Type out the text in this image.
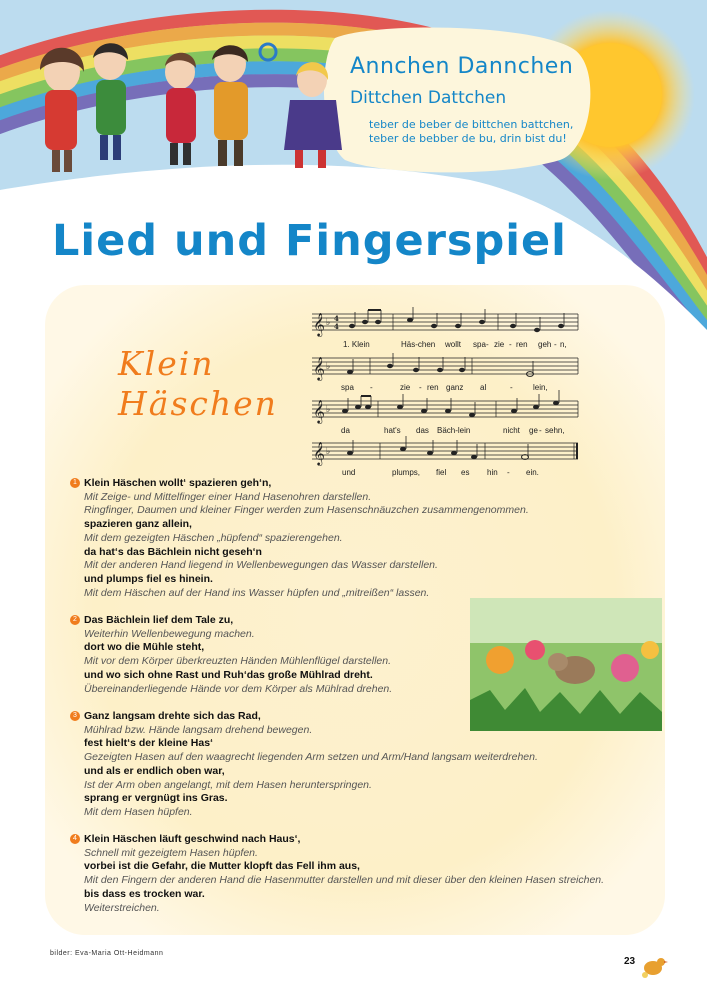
𝄞
𝄞
𝄞
𝄞
♭
♭
♭
♭
4
4
Annchen Dannchen
Dittchen Dattchen
teber de beber de bittchen battchen,
teber de bebber de bu, drin bist du!
Lied und Fingerspiel
Klein
Häschen
1. Klein	Häs-chen wollt spa - zie - ren geh - n,
spa -	zie - ren ganz al	-	lein,
da	hat's das Bäch-lein	nicht ge - sehn,
und	plumps, fiel es hin - ein.
1 Klein Häschen wollt‘ spazieren geh‘n,
Mit Zeige- und Mittelfinger einer Hand Hasenohren darstellen.
Ringfinger, Daumen und kleiner Finger werden zum Hasenschnäuzchen zusammengenommen.
spazieren ganz allein,
Mit dem gezeigten Häschen „hüpfend“ spazierengehen.
da hat‘s das Bächlein nicht geseh‘n
Mit der anderen Hand liegend in Wellenbewegungen das Wasser darstellen.
und plumps fiel es hinein.
Mit dem Häschen auf der Hand ins Wasser hüpfen und „mitreißen“ lassen.
2 Das Bächlein lief dem Tale zu,
Weiterhin Wellenbewegung machen.
dort wo die Mühle steht,
Mit vor dem Körper überkreuzten Händen Mühlenflügel darstellen.
und wo sich ohne Rast und Ruh‘das große Mühlrad dreht.
Übereinanderliegende Hände vor dem Körper als Mühlrad drehen.
3 Ganz langsam drehte sich das Rad,
Mühlrad bzw. Hände langsam drehend bewegen.
fest hielt‘s der kleine Has‘
Gezeigten Hasen auf den waagrecht liegenden Arm setzen und Arm/Hand langsam weiterdrehen.
und als er endlich oben war,
Ist der Arm oben angelangt, mit dem Hasen herunterspringen.
sprang er vergnügt ins Gras.
Mit dem Hasen hüpfen.
4 Klein Häschen läuft geschwind nach Haus‘,
Schnell mit gezeigtem Hasen hüpfen.
vorbei ist die Gefahr, die Mutter klopft das Fell ihm aus,
Mit den Fingern der anderen Hand die Hasenmutter darstellen und mit dieser über den kleinen Hasen streichen.
bis dass es trocken war.
Weiterstreichen.
bilder: Eva-Maria Ott-Heidmann
23
